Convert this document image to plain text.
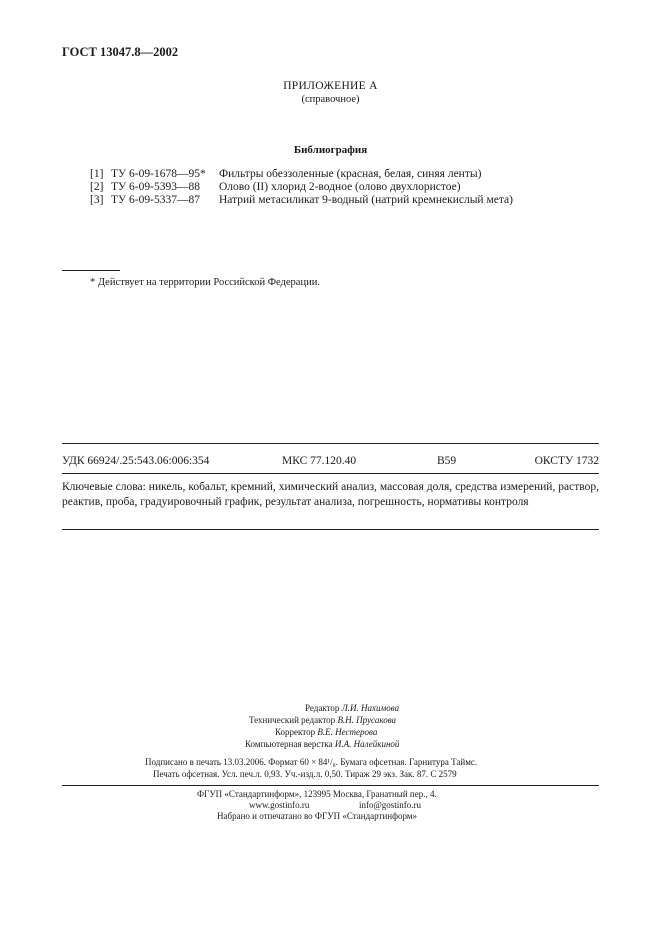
ГОСТ 13047.8—2002
ПРИЛОЖЕНИЕ А
(справочное)
Библиография
[1] ТУ 6-09-1678—95* Фильтры обеззоленные (красная, белая, синяя ленты)
[2] ТУ 6-09-5393—88 Олово (II) хлорид 2-водное (олово двухлористое)
[3] ТУ 6-09-5337—87 Натрий метасиликат 9-водный (натрий кремнекислый мета)
* Действует на территории Российской Федерации.
УДК 66924/.25:543.06:006:354	МКС 77.120.40	В59	ОКСТУ 1732
Ключевые слова: никель, кобальт, кремний, химический анализ, массовая доля, средства измерений, раствор, реактив, проба, градуировочный график, результат анализа, погрешность, нормативы контроля
Редактор Л.И. Нахимова
Технический редактор В.Н. Прусакова
Корректор В.Е. Нестерова
Компьютерная верстка И.А. Налейкиной
Подписано в печать 13.03.2006. Формат 60 × 84¹/₈. Бумага офсетная. Гарнитура Таймс.
Печать офсетная. Усл. печ.л. 0,93. Уч.-изд.л. 0,50. Тираж 29 экз. Зак. 87. С 2579
ФГУП «Стандартинформ», 123995 Москва, Гранатный пер., 4.
www.gostinfo.ru	info@gostinfo.ru
Набрано и отпечатано во ФГУП «Стандартинформ»
